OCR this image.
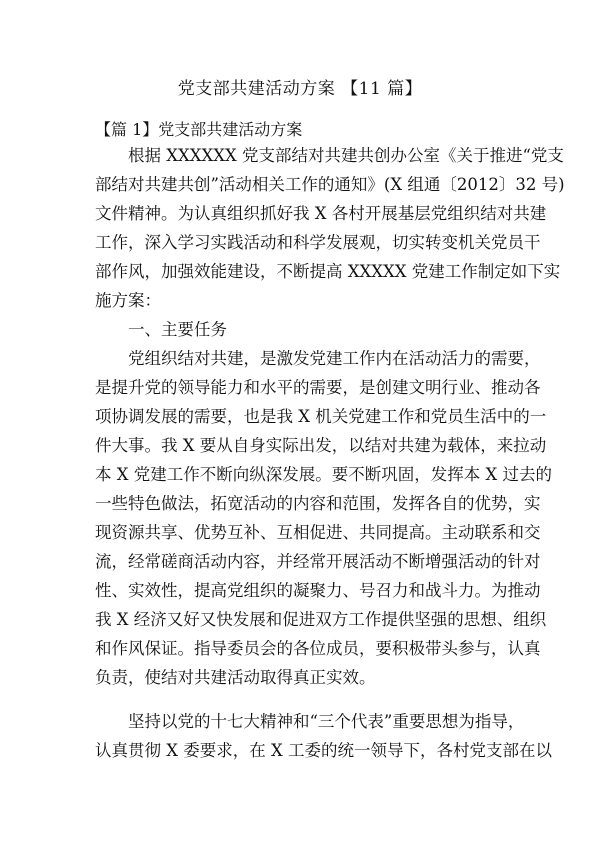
党支部共建活动方案 【11 篇】
【篇 1】党支部共建活动方案
根据 XXXXXX 党支部结对共建共创办公室《关于推进“党支
部结对共建共创”活动相关工作的通知》(X 组通〔2012〕32 号)
文件精神。为认真组织抓好我 X 各村开展基层党组织结对共建
工作，深入学习实践活动和科学发展观，切实转变机关党员干
部作风，加强效能建设，不断提高 XXXXX 党建工作制定如下实
施方案：
一、主要任务
党组织结对共建，是激发党建工作内在活动活力的需要，
是提升党的领导能力和水平的需要，是创建文明行业、推动各
项协调发展的需要，也是我 X 机关党建工作和党员生活中的一
件大事。我 X 要从自身实际出发，以结对共建为载体，来拉动
本 X 党建工作不断向纵深发展。要不断巩固，发挥本 X 过去的
一些特色做法，拓宽活动的内容和范围，发挥各自的优势，实
现资源共享、优势互补、互相促进、共同提高。主动联系和交
流，经常磋商活动内容，并经常开展活动不断增强活动的针对
性、实效性，提高党组织的凝聚力、号召力和战斗力。为推动
我 X 经济又好又快发展和促进双方工作提供坚强的思想、组织
和作风保证。指导委员会的各位成员，要积极带头参与，认真
负责，使结对共建活动取得真正实效。
坚持以党的十七大精神和“三个代表”重要思想为指导，
认真贯彻 X 委要求，在 X 工委的统一领导下，各村党支部在以
